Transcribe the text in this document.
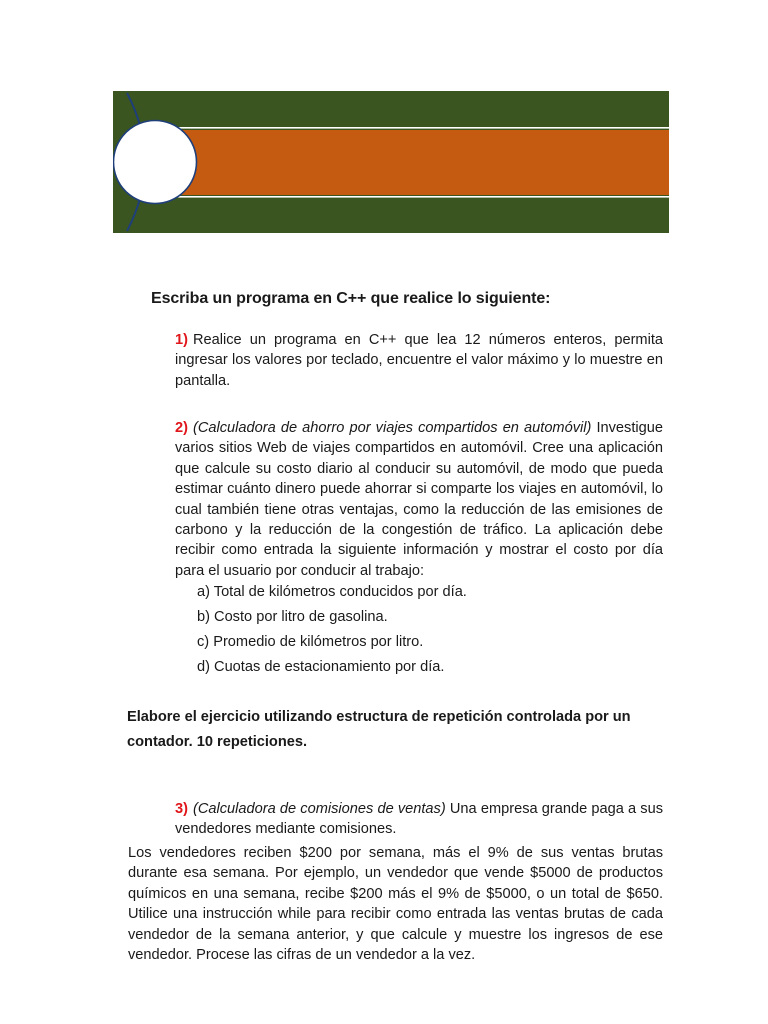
Escriba un programa en C++ que realice lo siguiente:
1) Realice un programa en C++ que lea 12 números enteros, permita ingresar los valores por teclado, encuentre el valor máximo y lo muestre en pantalla.
2) (Calculadora de ahorro por viajes compartidos en automóvil) Investigue varios sitios Web de viajes compartidos en automóvil. Cree una aplicación que calcule su costo diario al conducir su automóvil, de modo que pueda estimar cuánto dinero puede ahorrar si comparte los viajes en automóvil, lo cual también tiene otras ventajas, como la reducción de las emisiones de carbono y la reducción de la congestión de tráfico. La aplicación debe recibir como entrada la siguiente información y mostrar el costo por día para el usuario por conducir al trabajo:
a) Total de kilómetros conducidos por día.
b) Costo por litro de gasolina.
c) Promedio de kilómetros por litro.
d) Cuotas de estacionamiento por día.
Elabore el ejercicio utilizando estructura de repetición controlada por un contador. 10 repeticiones.
3) (Calculadora de comisiones de ventas) Una empresa grande paga a sus vendedores mediante comisiones.
Los vendedores reciben $200 por semana, más el 9% de sus ventas brutas durante esa semana. Por ejemplo, un vendedor que vende $5000 de productos químicos en una semana, recibe $200 más el 9% de $5000, o un total de $650. Utilice una instrucción while para recibir como entrada las ventas brutas de cada vendedor de la semana anterior, y que calcule y muestre los ingresos de ese vendedor. Procese las cifras de un vendedor a la vez.
